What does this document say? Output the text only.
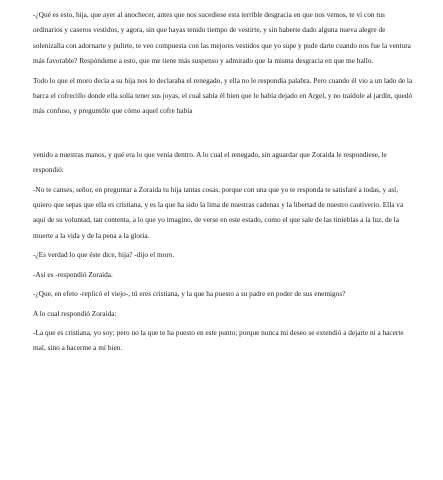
-¿Qué es esto, hija, que ayer al anochecer, antes que nos sucediese esta terrible desgracia en que nos vemos, te vi con tus ordinarios y caseros vestidos, y agora, sin que hayas tenido tiempo de vestirte, y sin haberte dado alguna nueva alegre de solenizalla con adornarte y pulirte, te veo compuesta con las mejores vestidos que yo supe y pude darte cuando nos fue la ventura más favorable? Respóndeme a esto, que me tiene más suspenso y admirado que la misma desgracia en que me hallo.

Todo lo que el moro decía a su hija nos lo declaraba el renegado, y ella no le respondía palabra. Pero cuando él vio a un lado de la barca el cofrecillo donde ella solía tener sus joyas, el cual sabía él bien que le había dejado en Argel, y no traídole al jardín, quedó más confuso, y preguntóle que cómo aquel cofre había

venido a nuestras manos, y qué era lo que venía dentro. A lo cual el renegado, sin aguardar que Zoraida le respondiese, le respondió:

-No te canses, señor, en preguntar a Zoraida tu hija tantas cosas, porque con una que yo te responda te satisfaré a todas, y así, quiero que sepas que ella es cristiana, y es la que ha sido la lima de nuestras cadenas y la libertad de nuestro cautiverio. Ella va aquí de su voluntad, tan contenta, a lo que yo imagino, de verse en este estado, como el que sale de las tinieblas a la luz, de la muerte a la vida y de la pena a la gloria.

-¿Es verdad lo que éste dice, hija? -dijo el moro.

-Así es -respondió Zoraida.

-¿Que, en efeto -replicó el viejo-, tú eres cristiana, y la que ha puesto a su padre en poder de sus enemigos?

A lo cual respondió Zoraida:

-La que es cristiana, yo soy; pero no la que te ha puesto en este punto; porque nunca mi deseo se extendió a dejarte ni a hacerte mal, sino a hacerme a mí bien.
